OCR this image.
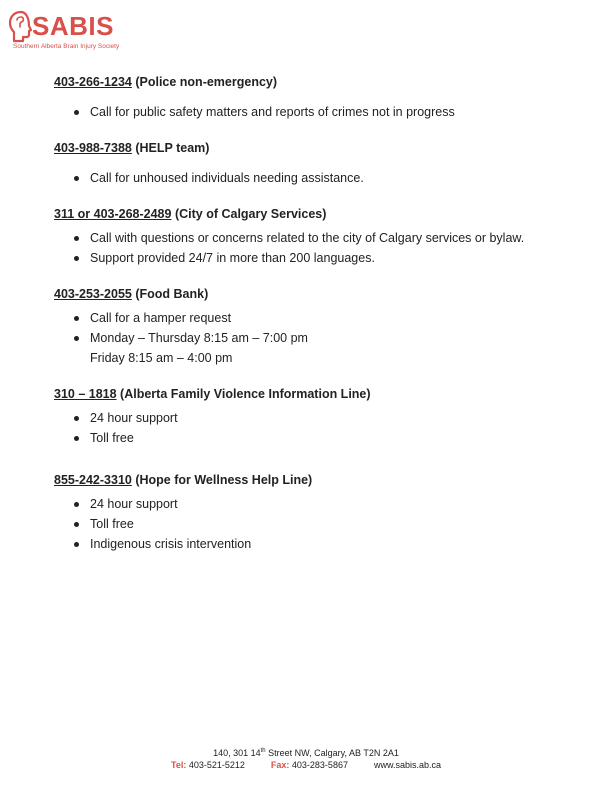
SABIS
Southern Alberta Brain Injury Society
403-266-1234 (Police non-emergency)
Call for public safety matters and reports of crimes not in progress
403-988-7388 (HELP team)
Call for unhoused individuals needing assistance.
311 or 403-268-2489 (City of Calgary Services)
Call with questions or concerns related to the city of Calgary services or bylaw.
Support provided 24/7 in more than 200 languages.
403-253-2055 (Food Bank)
Call for a hamper request
Monday – Thursday 8:15 am – 7:00 pm
Friday 8:15 am – 4:00 pm
310 – 1818 (Alberta Family Violence Information Line)
24 hour support
Toll free
855-242-3310 (Hope for Wellness Help Line)
24 hour support
Toll free
Indigenous crisis intervention
140, 301 14th Street NW, Calgary, AB T2N 2A1
Tel: 403-521-5212	Fax: 403-283-5867	www.sabis.ab.ca
